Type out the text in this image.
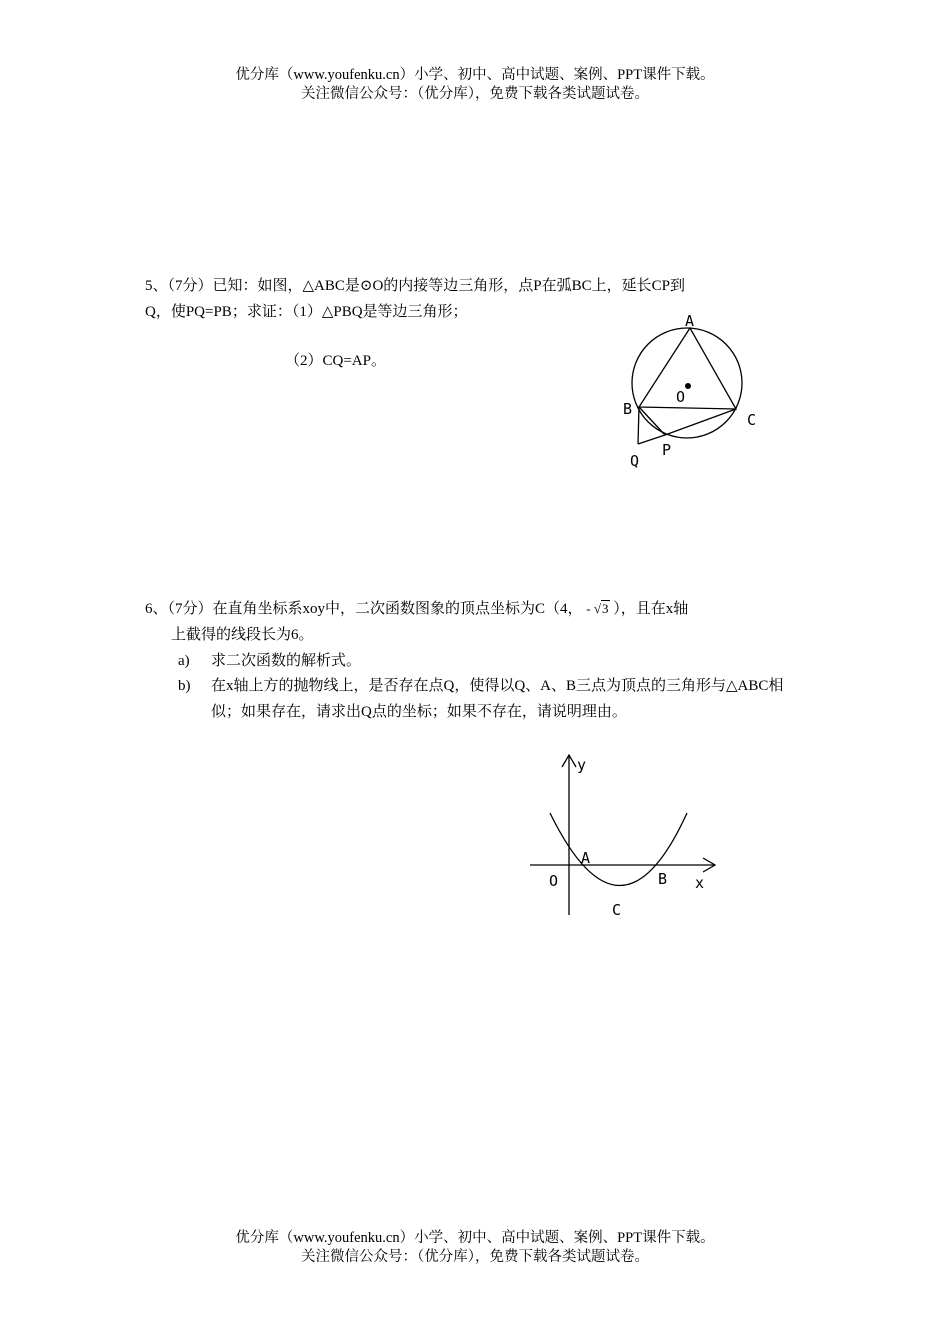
优分库（www.youfenku.cn）小学、初中、高中试题、案例、PPT课件下载。
关注微信公众号：（优分库），免费下载各类试题试卷。
5、（7分）已知：如图，△ABC是⊙O的内接等边三角形，点P在弧BC上，延长CP到
Q，使PQ=PB；求证：（1）△PBQ是等边三角形；
（2）CQ=AP。
A
B
C
O
P
Q
6、（7分）在直角坐标系xoy中，二次函数图象的顶点坐标为C（4， - √3 ），且在x轴
上截得的线段长为6。
a)	求二次函数的解析式。
b)	在x轴上方的抛物线上，是否存在点Q，使得以Q、A、B三点为顶点的三角形与△ABC相似；如果存在，请求出Q点的坐标；如果不存在，请说明理由。
y
x
O
A
B
C
优分库（www.youfenku.cn）小学、初中、高中试题、案例、PPT课件下载。
关注微信公众号：（优分库），免费下载各类试题试卷。
